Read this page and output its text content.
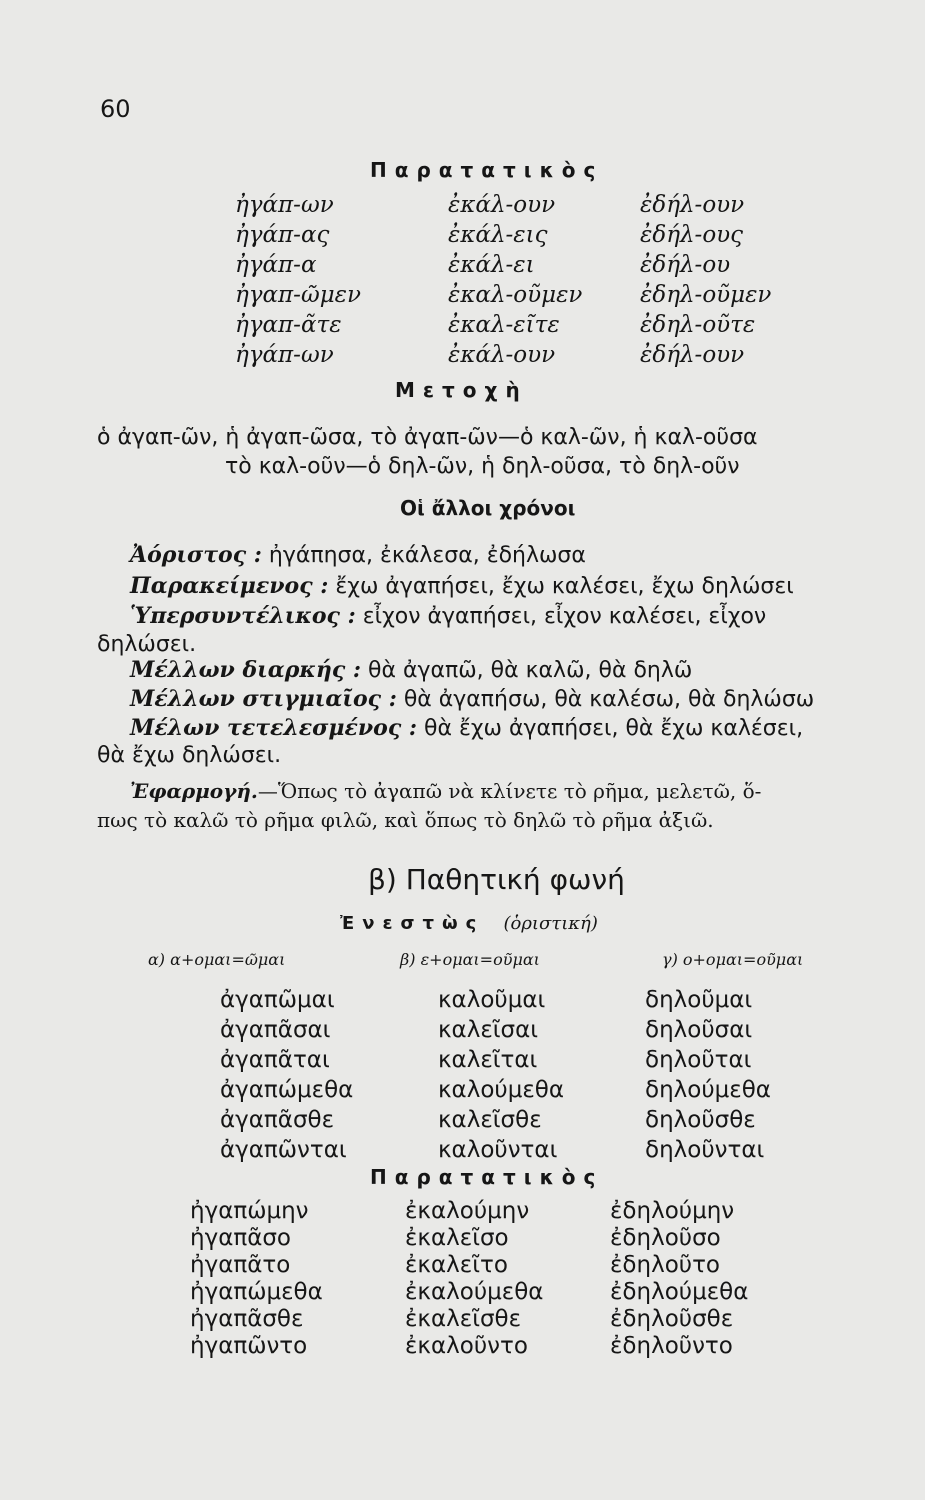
60
Παρατατικὸς
ἠγάπ-ων
ἠγάπ-ας
ἠγάπ-α
ἠγαπ-ῶμεν
ἠγαπ-ᾶτε
ἠγάπ-ων
ἐκάλ-ουν
ἐκάλ-εις
ἐκάλ-ει
ἐκαλ-οῦμεν
ἐκαλ-εῖτε
ἐκάλ-ουν
ἐδήλ-ουν
ἐδήλ-ους
ἐδήλ-ου
ἐδηλ-οῦμεν
ἐδηλ-οῦτε
ἐδήλ-ουν
Μετοχὴ
ὁ ἀγαπ-ῶν, ἡ ἀγαπ-ῶσα, τὸ ἀγαπ-ῶν—ὁ καλ-ῶν, ἡ καλ-οῦσα
τὸ καλ-οῦν—ὁ δηλ-ῶν, ἡ δηλ-οῦσα, τὸ δηλ-οῦν
Οἱ ἄλλοι χρόνοι
Ἀόριστος : ἠγάπησα, ἐκάλεσα, ἐδήλωσα
Παρακείμενος : ἔχω ἀγαπήσει, ἔχω καλέσει, ἔχω δηλώσει
Ὑπερσυντέλικος : εἶχον ἀγαπήσει, εἶχον καλέσει, εἶχον
δηλώσει.
Μέλλων διαρκής : θὰ ἀγαπῶ, θὰ καλῶ, θὰ δηλῶ
Μέλλων στιγμιαῖος : θὰ ἀγαπήσω, θὰ καλέσω, θὰ δηλώσω
Μέλων τετελεσμένος : θὰ ἔχω ἀγαπήσει, θὰ ἔχω καλέσει,
θὰ ἔχω δηλώσει.
Ἐφαρμογή.—Ὅπως τὸ ἀγαπῶ νὰ κλίνετε τὸ ρῆμα, μελετῶ, ὅ-
πως τὸ καλῶ τὸ ρῆμα φιλῶ, καὶ ὅπως τὸ δηλῶ τὸ ρῆμα ἀξιῶ.
β) Παθητική φωνή
Ἐνεστὼς (ὁριστική)
α) α+ομαι=ῶμαι	β) ε+ομαι=οῦμαι	γ) ο+ομαι=οῦμαι
ἀγαπῶμαι
ἀγαπᾶσαι
ἀγαπᾶται
ἀγαπώμεθα
ἀγαπᾶσθε
ἀγαπῶνται
καλοῦμαι
καλεῖσαι
καλεῖται
καλούμεθα
καλεῖσθε
καλοῦνται
δηλοῦμαι
δηλοῦσαι
δηλοῦται
δηλούμεθα
δηλοῦσθε
δηλοῦνται
Παρατατικὸς
ἠγαπώμην
ἠγαπᾶσο
ἠγαπᾶτο
ἠγαπώμεθα
ἠγαπᾶσθε
ἠγαπῶντο
ἐκαλούμην
ἐκαλεῖσο
ἐκαλεῖτο
ἐκαλούμεθα
ἐκαλεῖσθε
ἐκαλοῦντο
ἐδηλούμην
ἐδηλοῦσο
ἐδηλοῦτο
ἐδηλούμεθα
ἐδηλοῦσθε
ἐδηλοῦντο
